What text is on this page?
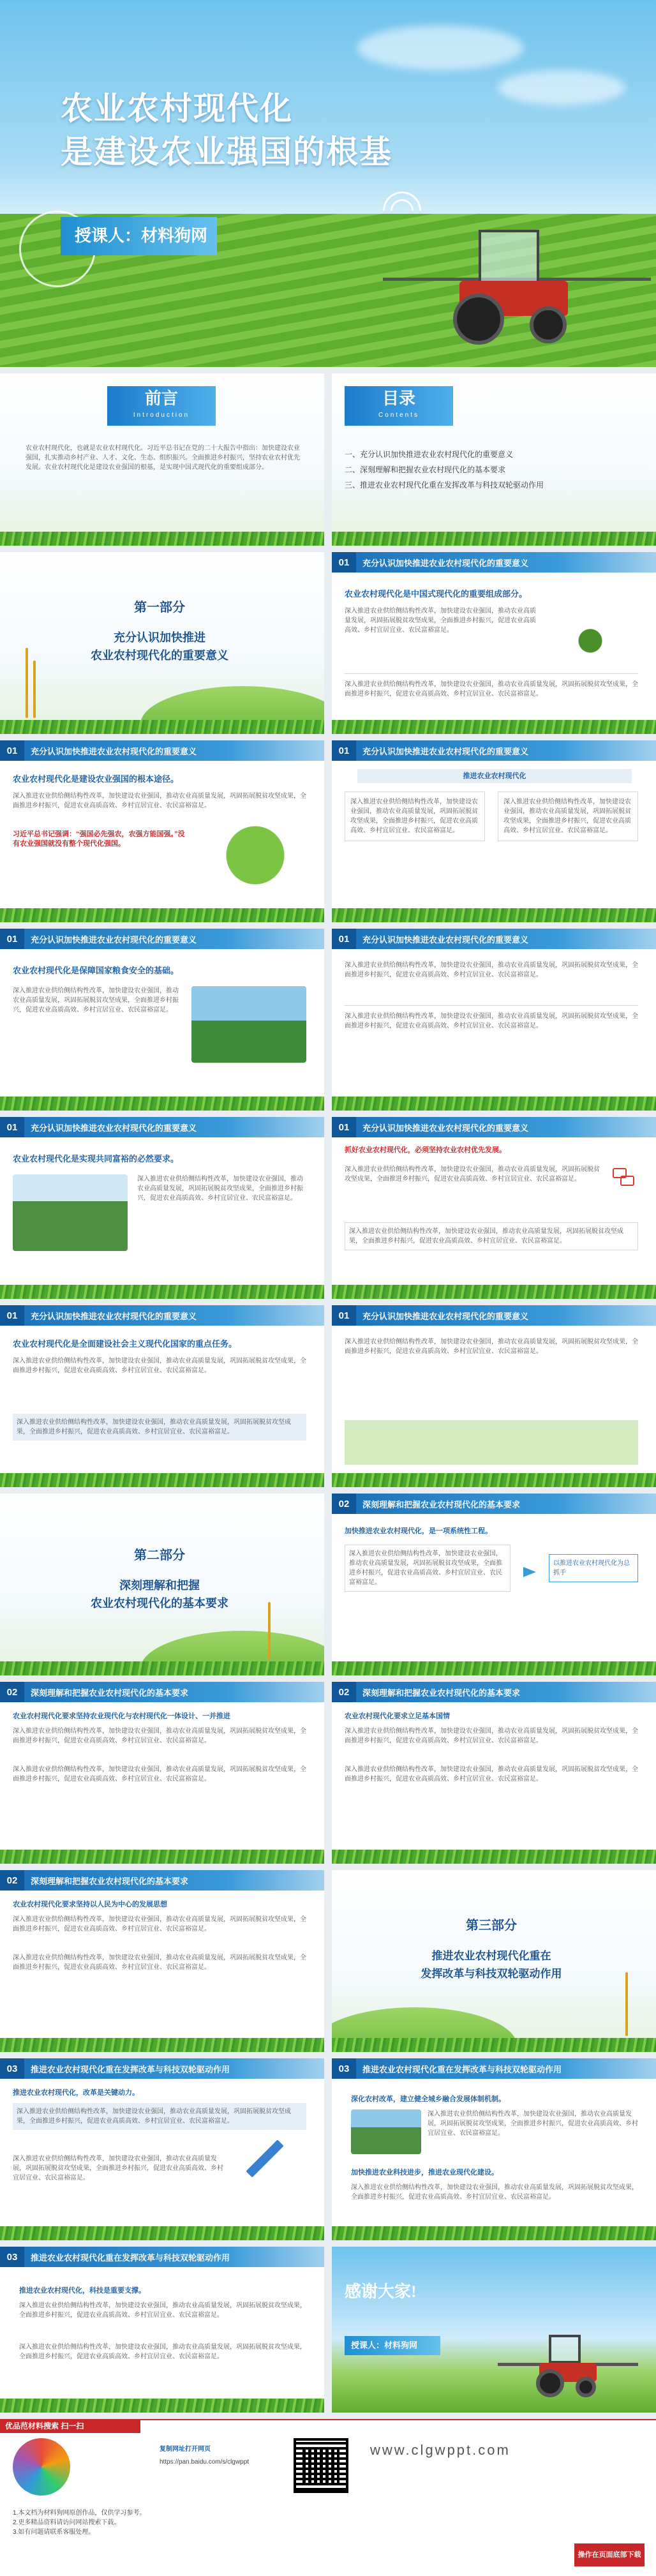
农业农村现代化
是建设农业强国的根基
授课人：材料狗网
前言
Introduction
农业农村现代化，也就是农业农村现代化。习近平总书记在党的二十大报告中指出：加快建设农业强国，扎实推动乡村产业、人才、文化、生态、组织振兴。全面推进乡村振兴，坚持农业农村优先发展。农业农村现代化是建设农业强国的根基，是实现中国式现代化的重要组成部分。
目录
Contents
一、充分认识加快推进农业农村现代化的重要意义
二、深刻理解和把握农业农村现代化的基本要求
三、推进农业农村现代化重在发挥改革与科技双轮驱动作用
第一部分
充分认识加快推进
农业农村现代化的重要意义
01	充分认识加快推进农业农村现代化的重要意义
农业农村现代化是中国式现代化的重要组成部分。
深入推进农业供给侧结构性改革，加快建设农业强国，推动农业高质量发展，巩固拓展脱贫攻坚成果，全面推进乡村振兴，促进农业高质高效、乡村宜居宜业、农民富裕富足。
深入推进农业供给侧结构性改革，加快建设农业强国，推动农业高质量发展，巩固拓展脱贫攻坚成果，全面推进乡村振兴，促进农业高质高效、乡村宜居宜业、农民富裕富足。
01	充分认识加快推进农业农村现代化的重要意义
农业农村现代化是建设农业强国的根本途径。
深入推进农业供给侧结构性改革，加快建设农业强国，推动农业高质量发展，巩固拓展脱贫攻坚成果，全面推进乡村振兴，促进农业高质高效、乡村宜居宜业、农民富裕富足。
习近平总书记强调：“强国必先强农，农强方能国强。”没有农业强国就没有整个现代化强国。
01	充分认识加快推进农业农村现代化的重要意义
推进农业农村现代化
深入推进农业供给侧结构性改革，加快建设农业强国，推动农业高质量发展，巩固拓展脱贫攻坚成果，全面推进乡村振兴，促进农业高质高效、乡村宜居宜业、农民富裕富足。
深入推进农业供给侧结构性改革，加快建设农业强国，推动农业高质量发展，巩固拓展脱贫攻坚成果，全面推进乡村振兴，促进农业高质高效、乡村宜居宜业、农民富裕富足。
01	充分认识加快推进农业农村现代化的重要意义
农业农村现代化是保障国家粮食安全的基础。
深入推进农业供给侧结构性改革，加快建设农业强国，推动农业高质量发展，巩固拓展脱贫攻坚成果，全面推进乡村振兴，促进农业高质高效、乡村宜居宜业、农民富裕富足。
01	充分认识加快推进农业农村现代化的重要意义
深入推进农业供给侧结构性改革，加快建设农业强国，推动农业高质量发展，巩固拓展脱贫攻坚成果，全面推进乡村振兴，促进农业高质高效、乡村宜居宜业、农民富裕富足。
深入推进农业供给侧结构性改革，加快建设农业强国，推动农业高质量发展，巩固拓展脱贫攻坚成果，全面推进乡村振兴，促进农业高质高效、乡村宜居宜业、农民富裕富足。
01	充分认识加快推进农业农村现代化的重要意义
农业农村现代化是实现共同富裕的必然要求。
深入推进农业供给侧结构性改革，加快建设农业强国，推动农业高质量发展，巩固拓展脱贫攻坚成果，全面推进乡村振兴，促进农业高质高效、乡村宜居宜业、农民富裕富足。
01	充分认识加快推进农业农村现代化的重要意义
抓好农业农村现代化，必须坚持农业农村优先发展。
深入推进农业供给侧结构性改革，加快建设农业强国，推动农业高质量发展，巩固拓展脱贫攻坚成果，全面推进乡村振兴，促进农业高质高效、乡村宜居宜业、农民富裕富足。
深入推进农业供给侧结构性改革，加快建设农业强国，推动农业高质量发展，巩固拓展脱贫攻坚成果，全面推进乡村振兴，促进农业高质高效、乡村宜居宜业、农民富裕富足。
01	充分认识加快推进农业农村现代化的重要意义
农业农村现代化是全面建设社会主义现代化国家的重点任务。
深入推进农业供给侧结构性改革，加快建设农业强国，推动农业高质量发展，巩固拓展脱贫攻坚成果，全面推进乡村振兴，促进农业高质高效、乡村宜居宜业、农民富裕富足。
深入推进农业供给侧结构性改革，加快建设农业强国，推动农业高质量发展，巩固拓展脱贫攻坚成果，全面推进乡村振兴，促进农业高质高效、乡村宜居宜业、农民富裕富足。
01	充分认识加快推进农业农村现代化的重要意义
深入推进农业供给侧结构性改革，加快建设农业强国，推动农业高质量发展，巩固拓展脱贫攻坚成果，全面推进乡村振兴，促进农业高质高效、乡村宜居宜业、农民富裕富足。
第二部分
深刻理解和把握
农业农村现代化的基本要求
02	深刻理解和把握农业农村现代化的基本要求
加快推进农业农村现代化，是一项系统性工程。
深入推进农业供给侧结构性改革，加快建设农业强国，推动农业高质量发展，巩固拓展脱贫攻坚成果，全面推进乡村振兴，促进农业高质高效、乡村宜居宜业、农民富裕富足。
以推进农业农村现代化为总抓手
02	深刻理解和把握农业农村现代化的基本要求
农业农村现代化要求坚持农业现代化与农村现代化一体设计、一并推进
深入推进农业供给侧结构性改革，加快建设农业强国，推动农业高质量发展，巩固拓展脱贫攻坚成果，全面推进乡村振兴，促进农业高质高效、乡村宜居宜业、农民富裕富足。
深入推进农业供给侧结构性改革，加快建设农业强国，推动农业高质量发展，巩固拓展脱贫攻坚成果，全面推进乡村振兴，促进农业高质高效、乡村宜居宜业、农民富裕富足。
02	深刻理解和把握农业农村现代化的基本要求
农业农村现代化要求立足基本国情
深入推进农业供给侧结构性改革，加快建设农业强国，推动农业高质量发展，巩固拓展脱贫攻坚成果，全面推进乡村振兴，促进农业高质高效、乡村宜居宜业、农民富裕富足。
深入推进农业供给侧结构性改革，加快建设农业强国，推动农业高质量发展，巩固拓展脱贫攻坚成果，全面推进乡村振兴，促进农业高质高效、乡村宜居宜业、农民富裕富足。
02	深刻理解和把握农业农村现代化的基本要求
农业农村现代化要求坚持以人民为中心的发展思想
深入推进农业供给侧结构性改革，加快建设农业强国，推动农业高质量发展，巩固拓展脱贫攻坚成果，全面推进乡村振兴，促进农业高质高效、乡村宜居宜业、农民富裕富足。
深入推进农业供给侧结构性改革，加快建设农业强国，推动农业高质量发展，巩固拓展脱贫攻坚成果，全面推进乡村振兴，促进农业高质高效、乡村宜居宜业、农民富裕富足。
第三部分
推进农业农村现代化重在
发挥改革与科技双轮驱动作用
03	推进农业农村现代化重在发挥改革与科技双轮驱动作用
推进农业农村现代化，改革是关键动力。
深入推进农业供给侧结构性改革，加快建设农业强国，推动农业高质量发展，巩固拓展脱贫攻坚成果，全面推进乡村振兴，促进农业高质高效、乡村宜居宜业、农民富裕富足。
深入推进农业供给侧结构性改革，加快建设农业强国，推动农业高质量发展，巩固拓展脱贫攻坚成果，全面推进乡村振兴，促进农业高质高效、乡村宜居宜业、农民富裕富足。
03	推进农业农村现代化重在发挥改革与科技双轮驱动作用
深化农村改革，建立健全城乡融合发展体制机制。
深入推进农业供给侧结构性改革，加快建设农业强国，推动农业高质量发展，巩固拓展脱贫攻坚成果，全面推进乡村振兴，促进农业高质高效、乡村宜居宜业、农民富裕富足。
加快推进农业科技进步，推进农业现代化建设。
深入推进农业供给侧结构性改革，加快建设农业强国，推动农业高质量发展，巩固拓展脱贫攻坚成果，全面推进乡村振兴，促进农业高质高效、乡村宜居宜业、农民富裕富足。
03	推进农业农村现代化重在发挥改革与科技双轮驱动作用
推进农业农村现代化，科技是重要支撑。
深入推进农业供给侧结构性改革，加快建设农业强国，推动农业高质量发展，巩固拓展脱贫攻坚成果，全面推进乡村振兴，促进农业高质高效、乡村宜居宜业、农民富裕富足。
深入推进农业供给侧结构性改革，加快建设农业强国，推动农业高质量发展，巩固拓展脱贫攻坚成果，全面推进乡村振兴，促进农业高质高效、乡村宜居宜业、农民富裕富足。
感谢大家!
授课人：材料狗网
优品范材料搜索 扫一扫
1.本文档为材料狗网原创作品，仅供学习参考。
2.更多精品资料请访问网站搜索下载。
3.如有问题请联系客服处理。
复制网址打开网页
https://pan.baidu.com/s/clgwppt
www.clgwppt.com
操作在页面底部下载
